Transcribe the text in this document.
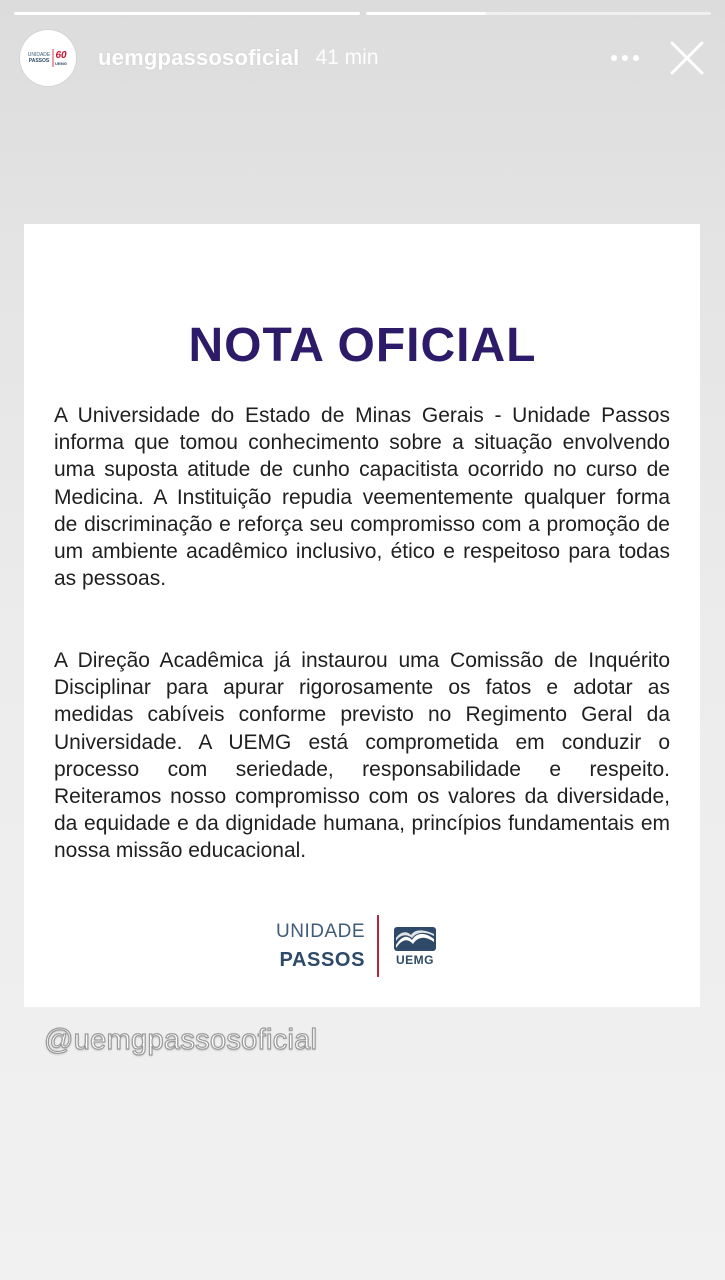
UNIDADE
PASSOS 60
UEMG uemgpassosoficial 41 min
NOTA OFICIAL

A Universidade do Estado de Minas Gerais - Unidade Passos informa que tomou conhecimento sobre a situação envolvendo uma suposta atitude de cunho capacitista ocorrido no curso de Medicina. A Instituição repudia veementemente qualquer forma de discriminação e reforça seu compromisso com a promoção de um ambiente acadêmico inclusivo, ético e respeitoso para todas as pessoas.

A Direção Acadêmica já instaurou uma Comissão de Inquérito Disciplinar para apurar rigorosamente os fatos e adotar as medidas cabíveis conforme previsto no Regimento Geral da Universidade. A UEMG está comprometida em conduzir o processo com seriedade, responsabilidade e respeito. Reiteramos nosso compromisso com os valores da diversidade, da equidade e da dignidade humana, princípios fundamentais em nossa missão educacional.

UNIDADE
PASSOS	UEMG
@uemgpassosoficial
